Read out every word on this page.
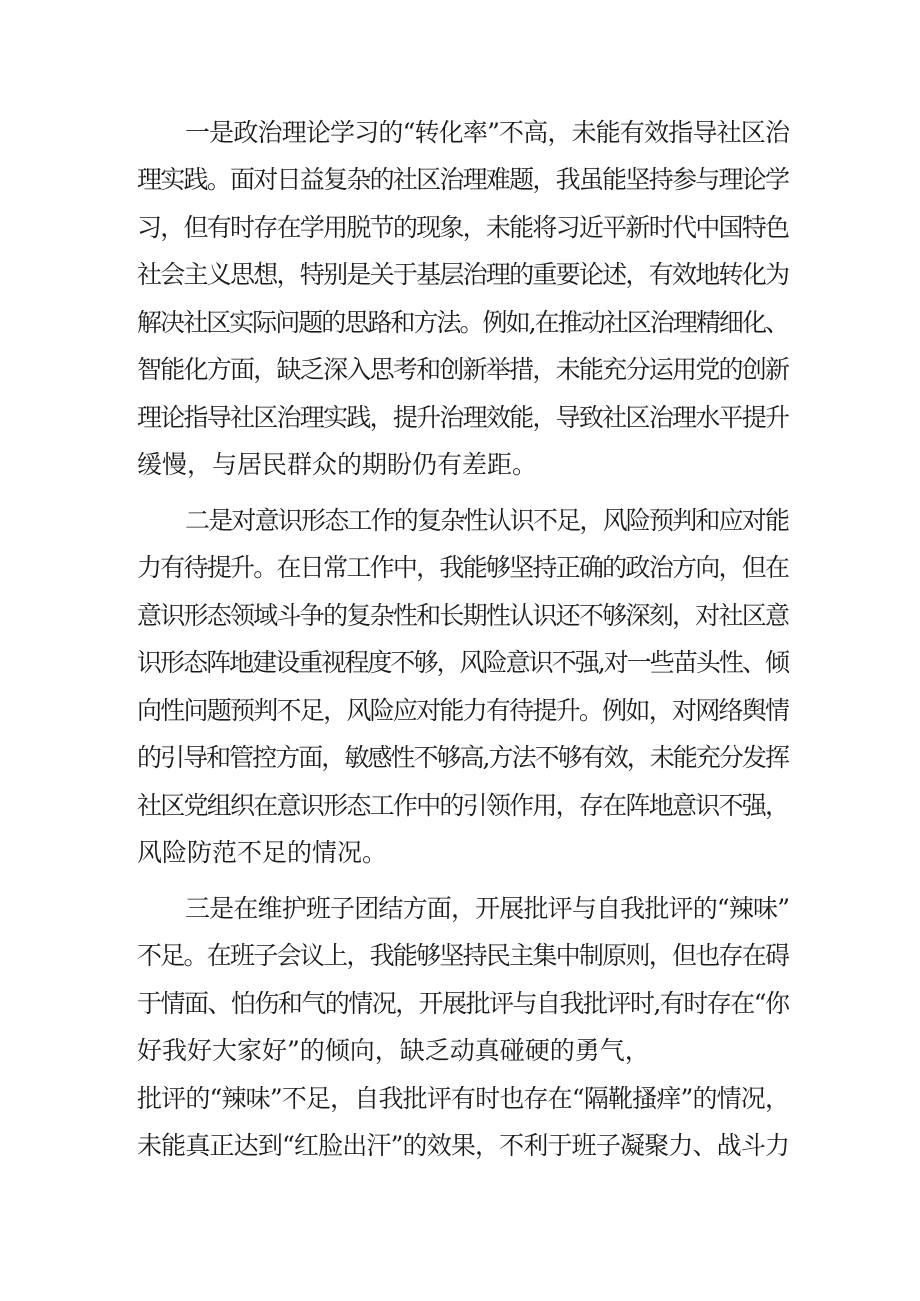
一是政治理论学习的“转化率”不高，未能有效指导社区治
理实践。面对日益复杂的社区治理难题，我虽能坚持参与理论学
习，但有时存在学用脱节的现象，未能将习近平新时代中国特色
社会主义思想，特别是关于基层治理的重要论述，有效地转化为
解决社区实际问题的思路和方法。例如,在推动社区治理精细化、
智能化方面，缺乏深入思考和创新举措，未能充分运用党的创新
理论指导社区治理实践，提升治理效能，导致社区治理水平提升
缓慢，与居民群众的期盼仍有差距。
二是对意识形态工作的复杂性认识不足，风险预判和应对能
力有待提升。在日常工作中，我能够坚持正确的政治方向，但在
意识形态领域斗争的复杂性和长期性认识还不够深刻，对社区意
识形态阵地建设重视程度不够，风险意识不强,对一些苗头性、倾
向性问题预判不足，风险应对能力有待提升。例如，对网络舆情
的引导和管控方面，敏感性不够高,方法不够有效，未能充分发挥
社区党组织在意识形态工作中的引领作用，存在阵地意识不强，
风险防范不足的情况。
三是在维护班子团结方面，开展批评与自我批评的“辣味”
不足。在班子会议上，我能够坚持民主集中制原则，但也存在碍
于情面、怕伤和气的情况，开展批评与自我批评时,有时存在“你
好我好大家好”的倾向，缺乏动真碰硬的勇气，
批评的“辣味”不足，自我批评有时也存在“隔靴搔痒”的情况，
未能真正达到“红脸出汗”的效果，不利于班子凝聚力、战斗力
